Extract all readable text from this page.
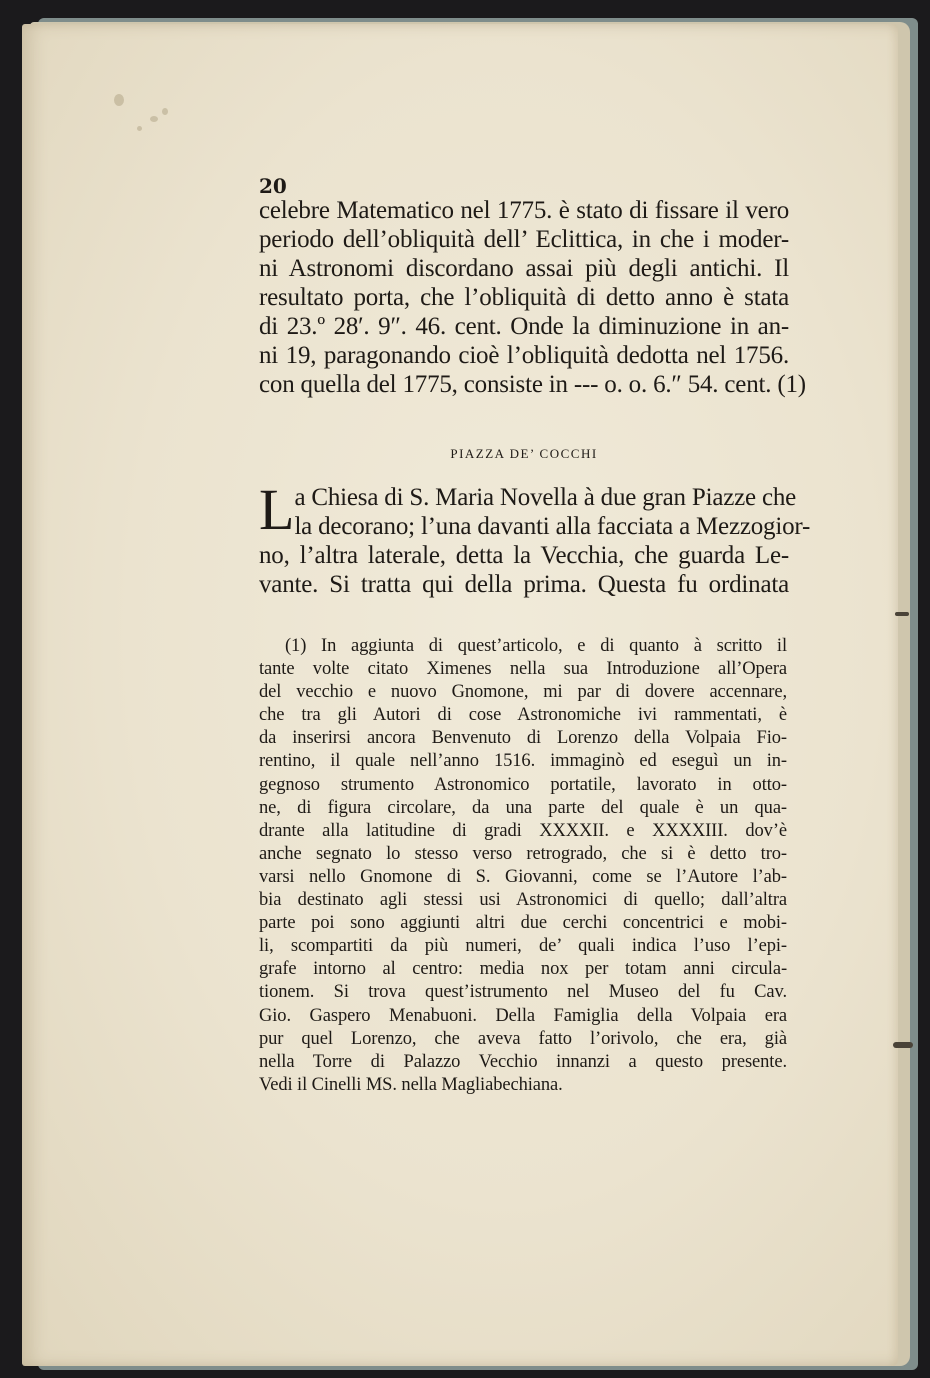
20
celebre Matematico nel 1775. è stato di fissare il vero
periodo dell’obliquità dell’ Eclittica, in che i moder-
ni Astronomi discordano assai più degli antichi. Il
resultato porta, che l’obliquità di detto anno è stata
di 23.º 28′. 9″. 46. cent. Onde la diminuzione in an-
ni 19, paragonando cioè l’obliquità dedotta nel 1756.
con quella del 1775, consiste in --- o. o. 6.″ 54. cent. (1)
PIAZZA DE’ COCCHI
L a Chiesa di S. Maria Novella à due gran Piazze che
la decorano; l’una davanti alla facciata a Mezzogior-
no, l’altra laterale, detta la Vecchia, che guarda Le-
vante. Si tratta qui della prima. Questa fu ordinata
(1) In aggiunta di quest’articolo, e di quanto à scritto il
tante volte citato Ximenes nella sua Introduzione all’Opera
del vecchio e nuovo Gnomone, mi par di dovere accennare,
che tra gli Autori di cose Astronomiche ivi rammentati, è
da inserirsi ancora Benvenuto di Lorenzo della Volpaia Fio-
rentino, il quale nell’anno 1516. immaginò ed eseguì un in-
gegnoso strumento Astronomico portatile, lavorato in otto-
ne, di figura circolare, da una parte del quale è un qua-
drante alla latitudine di gradi XXXXII. e XXXXIII. dov’è
anche segnato lo stesso verso retrogrado, che si è detto tro-
varsi nello Gnomone di S. Giovanni, come se l’Autore l’ab-
bia destinato agli stessi usi Astronomici di quello; dall’altra
parte poi sono aggiunti altri due cerchi concentrici e mobi-
li, scompartiti da più numeri, de’ quali indica l’uso l’epi-
grafe intorno al centro: media nox per totam anni circula-
tionem. Si trova quest’istrumento nel Museo del fu Cav.
Gio. Gaspero Menabuoni. Della Famiglia della Volpaia era
pur quel Lorenzo, che aveva fatto l’orivolo, che era, già
nella Torre di Palazzo Vecchio innanzi a questo presente.
Vedi il Cinelli MS. nella Magliabechiana.
